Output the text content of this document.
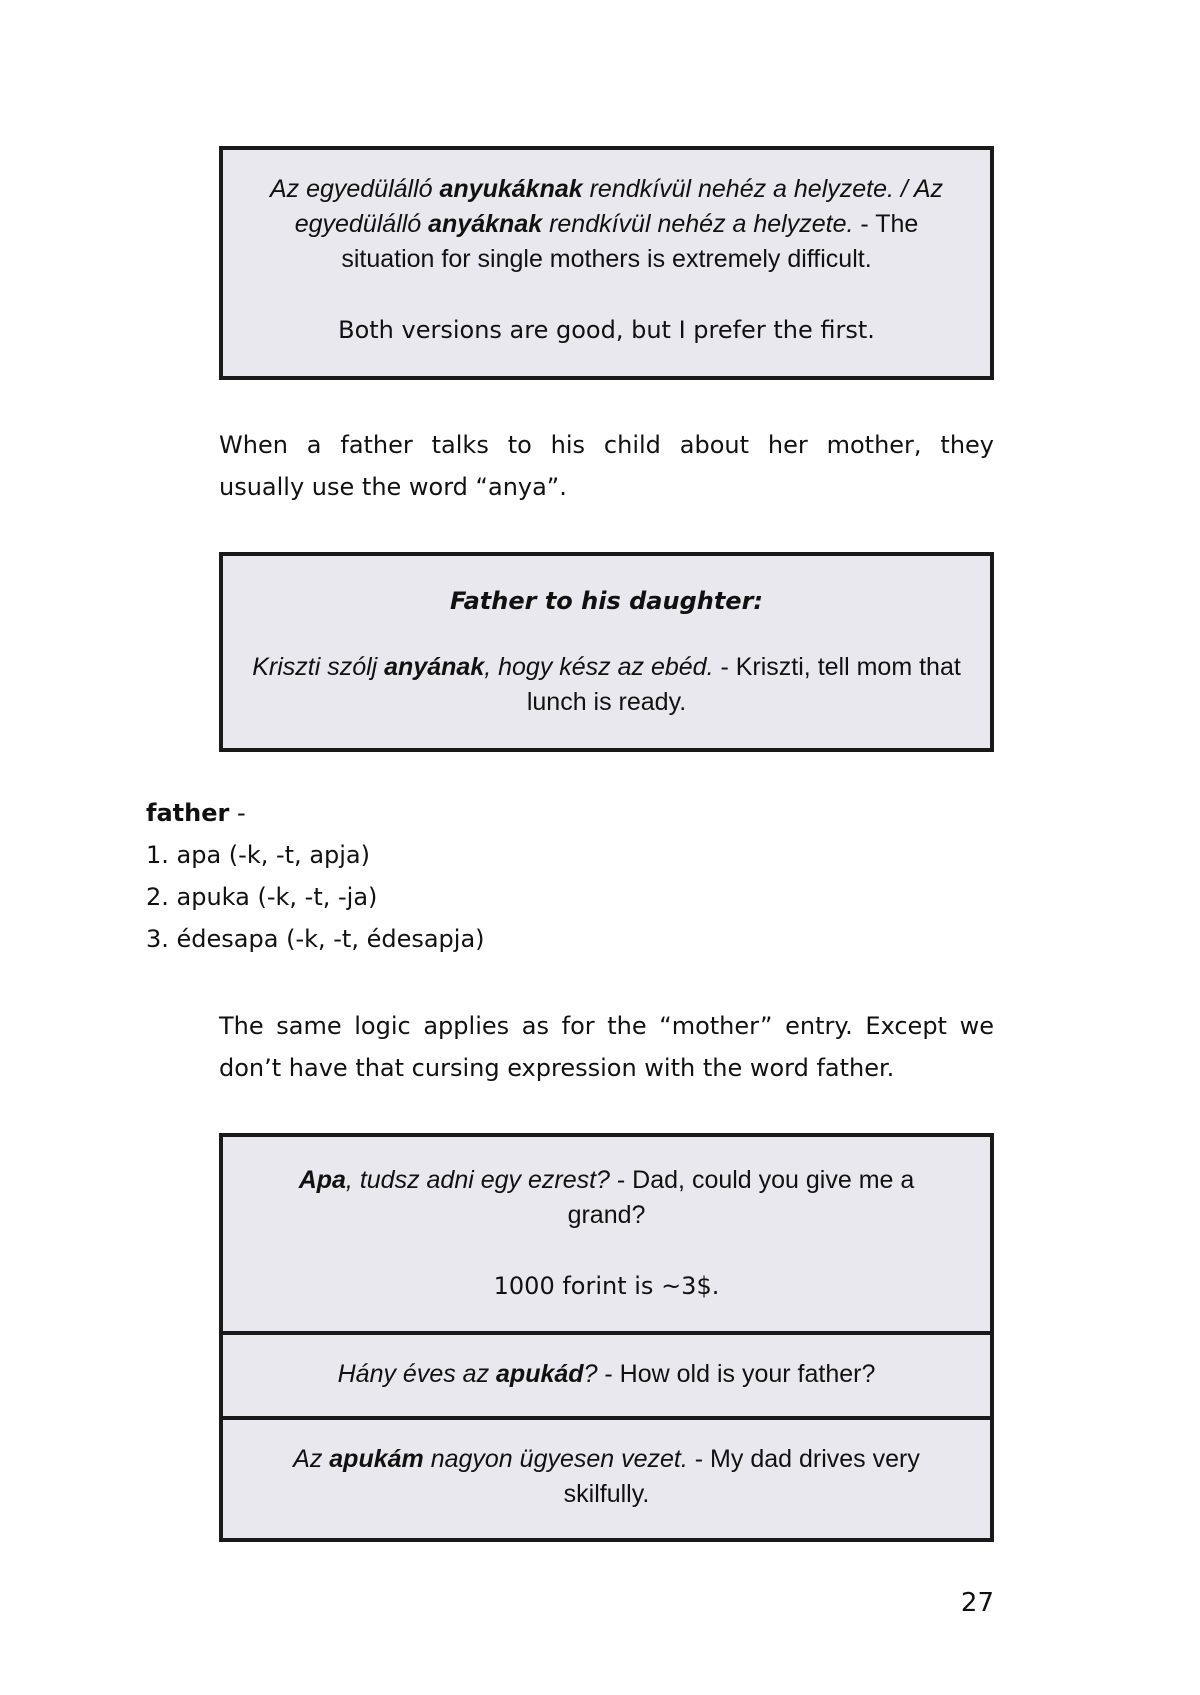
Az egyedülálló anyukáknak rendkívül nehéz a helyzete. / Az egyedülálló anyáknak rendkívül nehéz a helyzete. - The situation for single mothers is extremely difficult.

Both versions are good, but I prefer the first.

When a father talks to his child about her mother, they
usually use the word “anya”.

Father to his daughter:

Kriszti szólj anyának, hogy kész az ebéd. - Kriszti, tell mom that lunch is ready.

father -
1. apa (-k, -t, apja)
2. apuka (-k, -t, -ja)
3. édesapa (-k, -t, édesapja)

The same logic applies as for the “mother” entry. Except we
don’t have that cursing expression with the word father.

Apa, tudsz adni egy ezrest? - Dad, could you give me a grand?

1000 forint is ~3$.

Hány éves az apukád? - How old is your father?

Az apukám nagyon ügyesen vezet. - My dad drives very skilfully.

27
